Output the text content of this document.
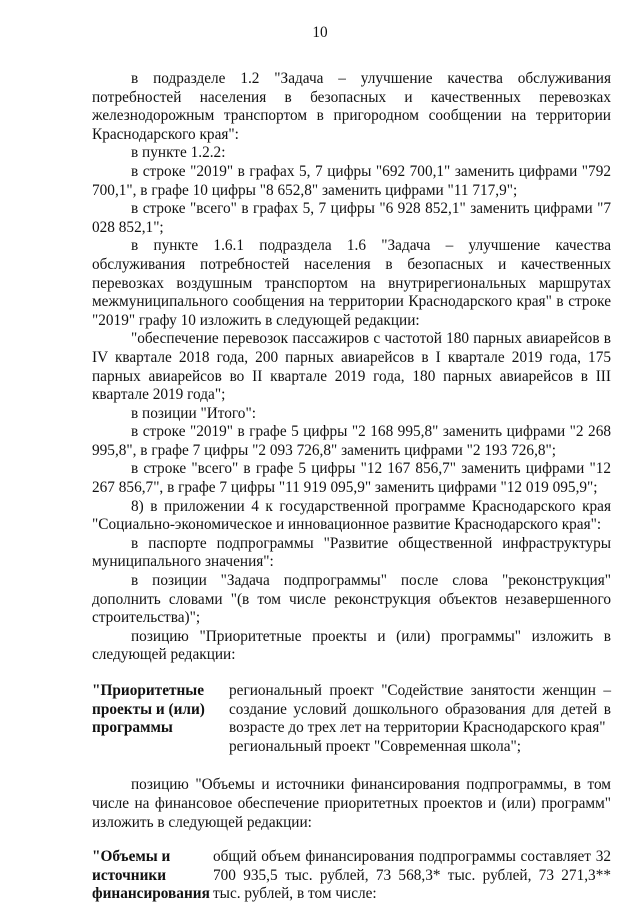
10

в подразделе 1.2 "Задача – улучшение качества обслуживания потребностей населения в безопасных и качественных перевозках железнодорожным транспортом в пригородном сообщении на территории Краснодарского края":

в пункте 1.2.2:

в строке "2019" в графах 5, 7 цифры "692 700,1" заменить цифрами "792 700,1", в графе 10 цифры "8 652,8" заменить цифрами "11 717,9";

в строке "всего" в графах 5, 7 цифры "6 928 852,1" заменить цифрами "7 028 852,1";

в пункте 1.6.1 подраздела 1.6 "Задача – улучшение качества обслуживания потребностей населения в безопасных и качественных перевозках воздушным транспортом на внутрирегиональных маршрутах межмуниципального сообщения на территории Краснодарского края" в строке "2019" графу 10 изложить в следующей редакции:

"обеспечение перевозок пассажиров с частотой 180 парных авиарейсов в IV квартале 2018 года, 200 парных авиарейсов в I квартале 2019 года, 175 парных авиарейсов во II квартале 2019 года, 180 парных авиарейсов в III квартале 2019 года";

в позиции "Итого":

в строке "2019" в графе 5 цифры "2 168 995,8" заменить цифрами "2 268 995,8", в графе 7 цифры "2 093 726,8" заменить цифрами "2 193 726,8";

в строке "всего" в графе 5 цифры "12 167 856,7" заменить цифрами "12 267 856,7", в графе 7 цифры "11 919 095,9" заменить цифрами "12 019 095,9";

8) в приложении 4 к государственной программе Краснодарского края "Социально-экономическое и инновационное развитие Краснодарского края":

в паспорте подпрограммы "Развитие общественной инфраструктуры муниципального значения":

в позиции "Задача подпрограммы" после слова "реконструкция" дополнить словами "(в том числе реконструкция объектов незавершенного строительства)";

позицию "Приоритетные проекты и (или) программы" изложить в следующей редакции:

"Приоритетные проекты и (или) программы
региональный проект "Содействие занятости женщин – создание условий дошкольного образования для детей в возрасте до трех лет на территории Краснодарского края"
региональный проект "Современная школа";

позицию "Объемы и источники финансирования подпрограммы, в том числе на финансовое обеспечение приоритетных проектов и (или) программ" изложить в следующей редакции:

"Объемы и источники финансирования
общий объем финансирования подпрограммы составляет 32 700 935,5 тыс. рублей, 73 568,3* тыс. рублей, 73 271,3** тыс. рублей, в том числе:
